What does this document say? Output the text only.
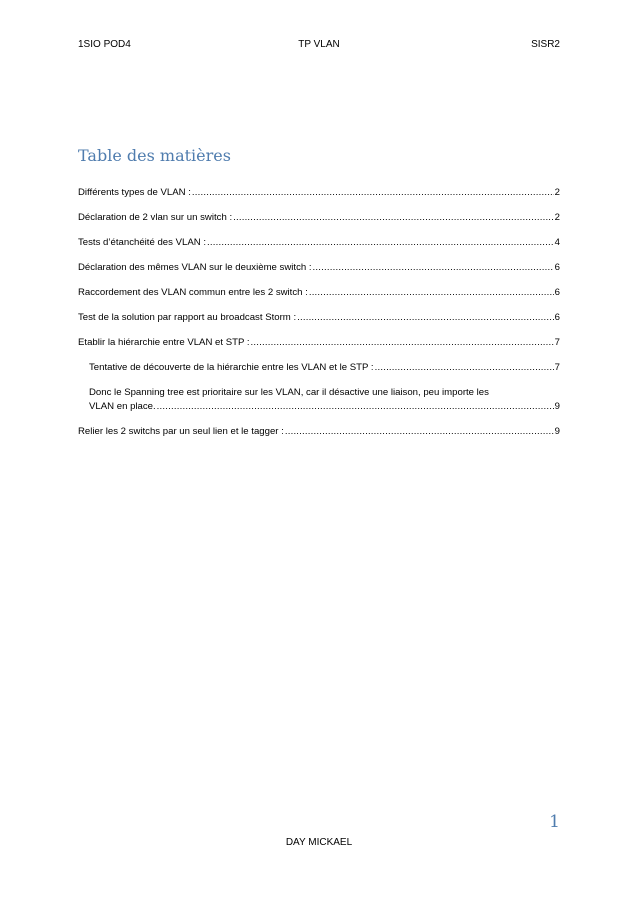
1SIO POD4	TP VLAN	SISR2
Table des matières
Différents types de VLAN : .....	2
Déclaration de 2 vlan sur un switch : .....	2
Tests d’étanchéité des VLAN : .....	4
Déclaration des mêmes VLAN sur le deuxième switch : .....	6
Raccordement des VLAN commun entre les 2 switch : .....	6
Test de la solution par rapport au broadcast Storm : .....	6
Etablir la hiérarchie entre VLAN et STP : .....	7
Tentative de découverte de la hiérarchie entre les VLAN et le STP : .....	7
Donc le Spanning tree est prioritaire sur les VLAN, car il désactive une liaison, peu importe les
VLAN en place. .....	9
Relier les 2 switchs par un seul lien et le tagger : .....	9
1
DAY MICKAEL
